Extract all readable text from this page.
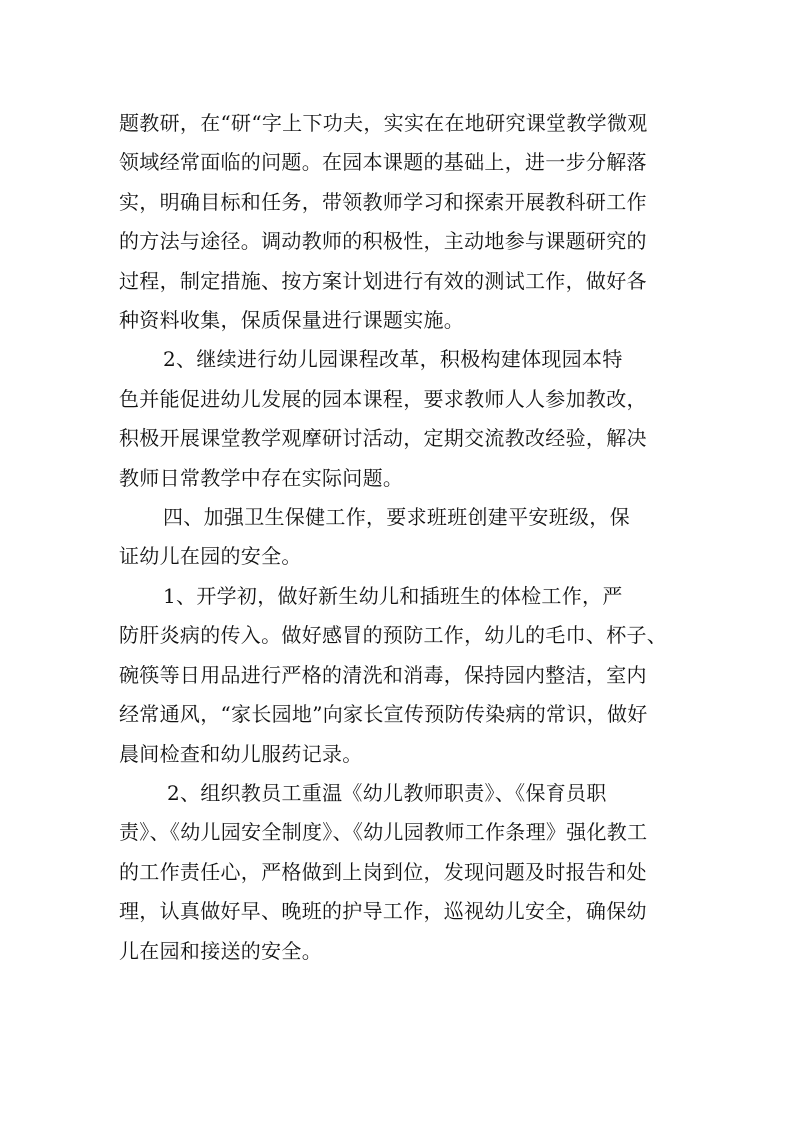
题教研，在“研“字上下功夫，实实在在地研究课堂教学微观
领域经常面临的问题。在园本课题的基础上，进一步分解落
实，明确目标和任务，带领教师学习和探索开展教科研工作
的方法与途径。调动教师的积极性，主动地参与课题研究的
过程，制定措施、按方案计划进行有效的测试工作，做好各
种资料收集，保质保量进行课题实施。

2、继续进行幼儿园课程改革，积极构建体现园本特
色并能促进幼儿发展的园本课程，要求教师人人参加教改，
积极开展课堂教学观摩研讨活动，定期交流教改经验，解决
教师日常教学中存在实际问题。

四、加强卫生保健工作，要求班班创建平安班级，保
证幼儿在园的安全。

1、开学初，做好新生幼儿和插班生的体检工作，严
防肝炎病的传入。做好感冒的预防工作，幼儿的毛巾、杯子、
碗筷等日用品进行严格的清洗和消毒，保持园内整洁，室内
经常通风，“家长园地”向家长宣传预防传染病的常识，做好
晨间检查和幼儿服药记录。

2、组织教员工重温《幼儿教师职责》、《保育员职
责》、《幼儿园安全制度》、《幼儿园教师工作条理》强化教工
的工作责任心，严格做到上岗到位，发现问题及时报告和处
理，认真做好早、晚班的护导工作，巡视幼儿安全，确保幼
儿在园和接送的安全。
